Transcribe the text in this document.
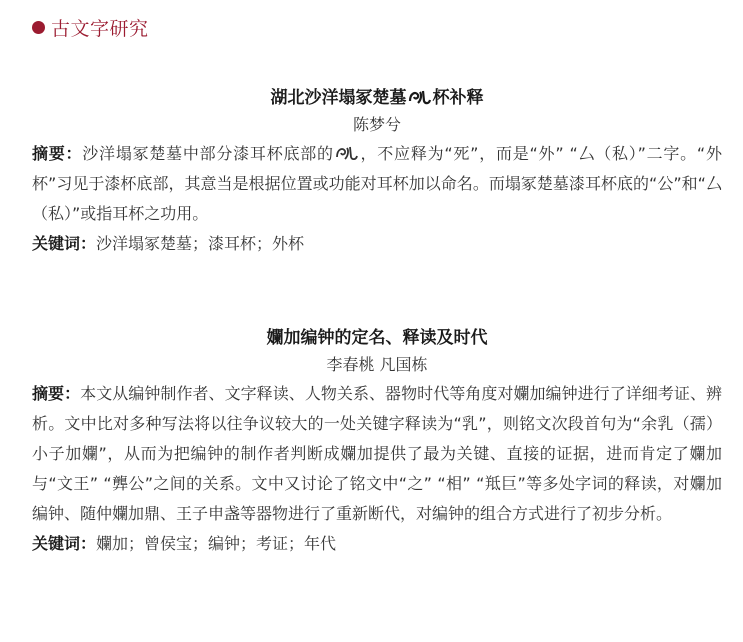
古文字研究
湖北沙洋塌冢楚墓 杯补释
陈梦兮

摘要：沙洋塌冢楚墓中部分漆耳杯底部的 ，不应释为“死”，而是“外” “厶（私）”二字。“外杯”习见于漆杯底部，其意当是根据位置或功能对耳杯加以命名。而塌冢楚墓漆耳杯底的“公”和“厶（私）”或指耳杯之功用。

关键词：沙洋塌冢楚墓；漆耳杯；外杯

孄加编钟的定名、释读及时代
李春桃 凡国栋

摘要：本文从编钟制作者、文字释读、人物关系、器物时代等角度对孄加编钟进行了详细考证、辨析。文中比对多种写法将以往争议较大的一处关键字释读为“乳”，则铭文次段首句为“余乳（孺）小子加孄”，从而为把编钟的制作者判断成孄加提供了最为关键、直接的证据，进而肯定了孄加与“文王” “龏公”之间的关系。文中又讨论了铭文中“之” “相” “羝巨”等多处字词的释读，对孄加编钟、随仲孄加鼎、王子申盏等器物进行了重新断代，对编钟的组合方式进行了初步分析。

关键词：孄加；曾侯宝；编钟；考证；年代
